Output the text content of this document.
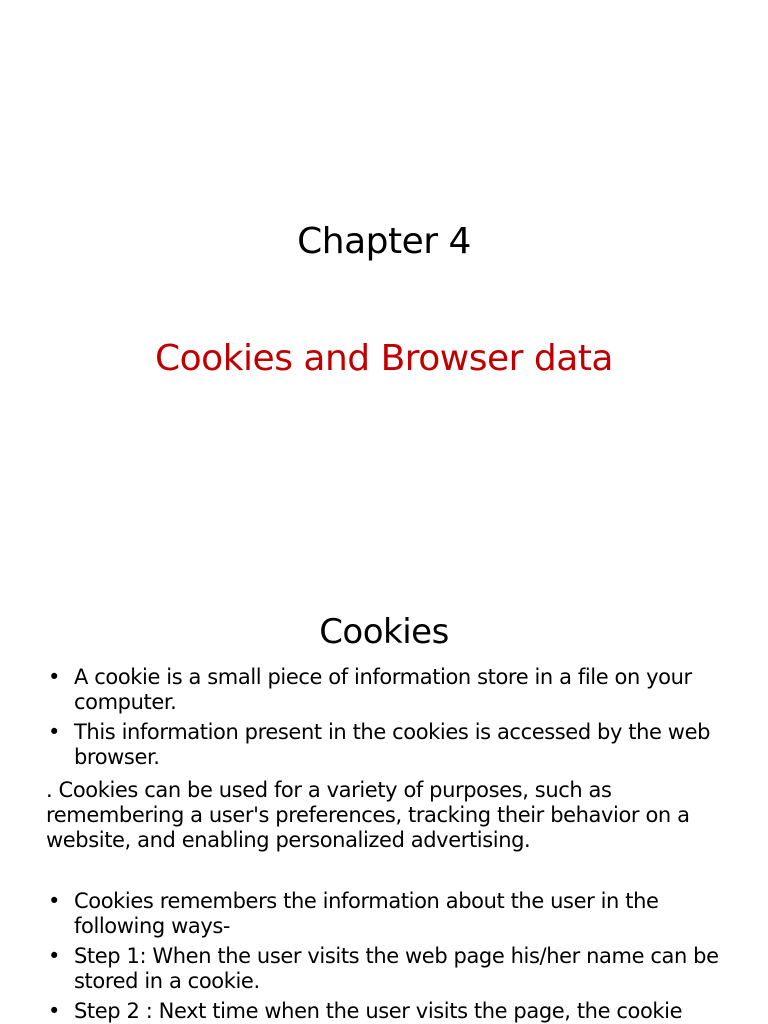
Chapter 4
Cookies and Browser data
Cookies
• A cookie is a small piece of information store in a file on your computer.
• This information present in the cookies is accessed by the web browser.

. Cookies can be used for a variety of purposes, such as remembering a user's preferences, tracking their behavior on a website, and enabling personalized advertising.

• Cookies remembers the information about the user in the following ways-
• Step 1: When the user visits the web page his/her name can be stored in a cookie.
• Step 2 : Next time when the user visits the page, the cookie
